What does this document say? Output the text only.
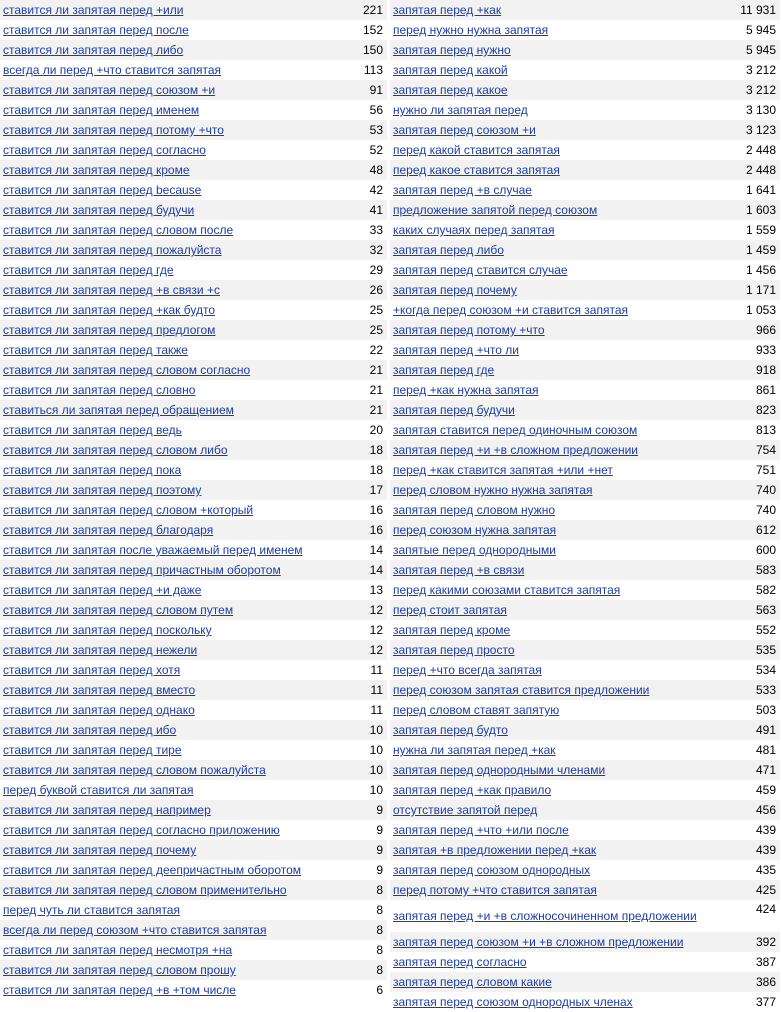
ставится ли запятая перед +или	221
ставится ли запятая перед после	152
ставится ли запятая перед либо	150
всегда ли перед +что ставится запятая	113
ставится ли запятая перед союзом +и	91
ставится ли запятая перед именем	56
ставится ли запятая перед потому +что	53
ставится ли запятая перед согласно	52
ставится ли запятая перед кроме	48
ставится ли запятая перед because	42
ставится ли запятая перед будучи	41
ставится ли запятая перед словом после	33
ставится ли запятая перед пожалуйста	32
ставится ли запятая перед где	29
ставится ли запятая перед +в связи +с	26
ставится ли запятая перед +как будто	25
ставится ли запятая перед предлогом	25
ставится ли запятая перед также	22
ставится ли запятая перед словом согласно	21
ставится ли запятая перед словно	21
ставиться ли запятая перед обращением	21
ставится ли запятая перед ведь	20
ставится ли запятая перед словом либо	18
ставится ли запятая перед пока	18
ставится ли запятая перед поэтому	17
ставится ли запятая перед словом +который	16
ставится ли запятая перед благодаря	16
ставится ли запятая после уважаемый перед именем	14
ставится ли запятая перед причастным оборотом	14
ставится ли запятая перед +и даже	13
ставится ли запятая перед словом путем	12
ставится ли запятая перед поскольку	12
ставится ли запятая перед нежели	12
ставится ли запятая перед хотя	11
ставится ли запятая перед вместо	11
ставится ли запятая перед однако	11
ставится ли запятая перед ибо	10
ставится ли запятая перед тире	10
ставится ли запятая перед словом пожалуйста	10
перед буквой ставится ли запятая	10
ставится ли запятая перед например	9
ставится ли запятая перед согласно приложению	9
ставится ли запятая перед почему	9
ставится ли запятая перед деепричастным оборотом	9
ставится ли запятая перед словом применительно	8
перед чуть ли ставится запятая	8
всегда ли перед союзом +что ставится запятая	8
ставится ли запятая перед несмотря +на	8
ставится ли запятая перед словом прошу	8
ставится ли запятая перед +в +том числе	6
запятая перед +как	11 931
перед нужно нужна запятая	5 945
запятая перед нужно	5 945
запятая перед какой	3 212
запятая перед какое	3 212
нужно ли запятая перед	3 130
запятая перед союзом +и	3 123
перед какой ставится запятая	2 448
перед какое ставится запятая	2 448
запятая перед +в случае	1 641
предложение запятой перед союзом	1 603
каких случаях перед запятая	1 559
запятая перед либо	1 459
запятая перед ставится случае	1 456
запятая перед почему	1 171
+когда перед союзом +и ставится запятая	1 053
запятая перед потому +что	966
запятая перед +что ли	933
запятая перед где	918
перед +как нужна запятая	861
запятая перед будучи	823
запятая ставится перед одиночным союзом	813
запятая перед +и +в сложном предложении	754
перед +как ставится запятая +или +нет	751
перед словом нужно нужна запятая	740
запятая перед словом нужно	740
перед союзом нужна запятая	612
запятые перед однородными	600
запятая перед +в связи	583
перед какими союзами ставится запятая	582
перед стоит запятая	563
запятая перед кроме	552
запятая перед просто	535
перед +что всегда запятая	534
перед союзом запятая ставится предложении	533
перед словом ставят запятую	503
запятая перед будто	491
нужна ли запятая перед +как	481
запятая перед однородными членами	471
запятая перед +как правило	459
отсутствие запятой перед	456
запятая перед +что +или после	439
запятая +в предложении перед +как	439
запятая перед союзом однородных	435
перед потому +что ставится запятая	425
запятая перед +и +в сложносочиненном предложении	424
запятая перед союзом +и +в сложном предложении	392
запятая перед согласно	387
запятая перед словом какие	386
запятая перед союзом однородных членах	377
